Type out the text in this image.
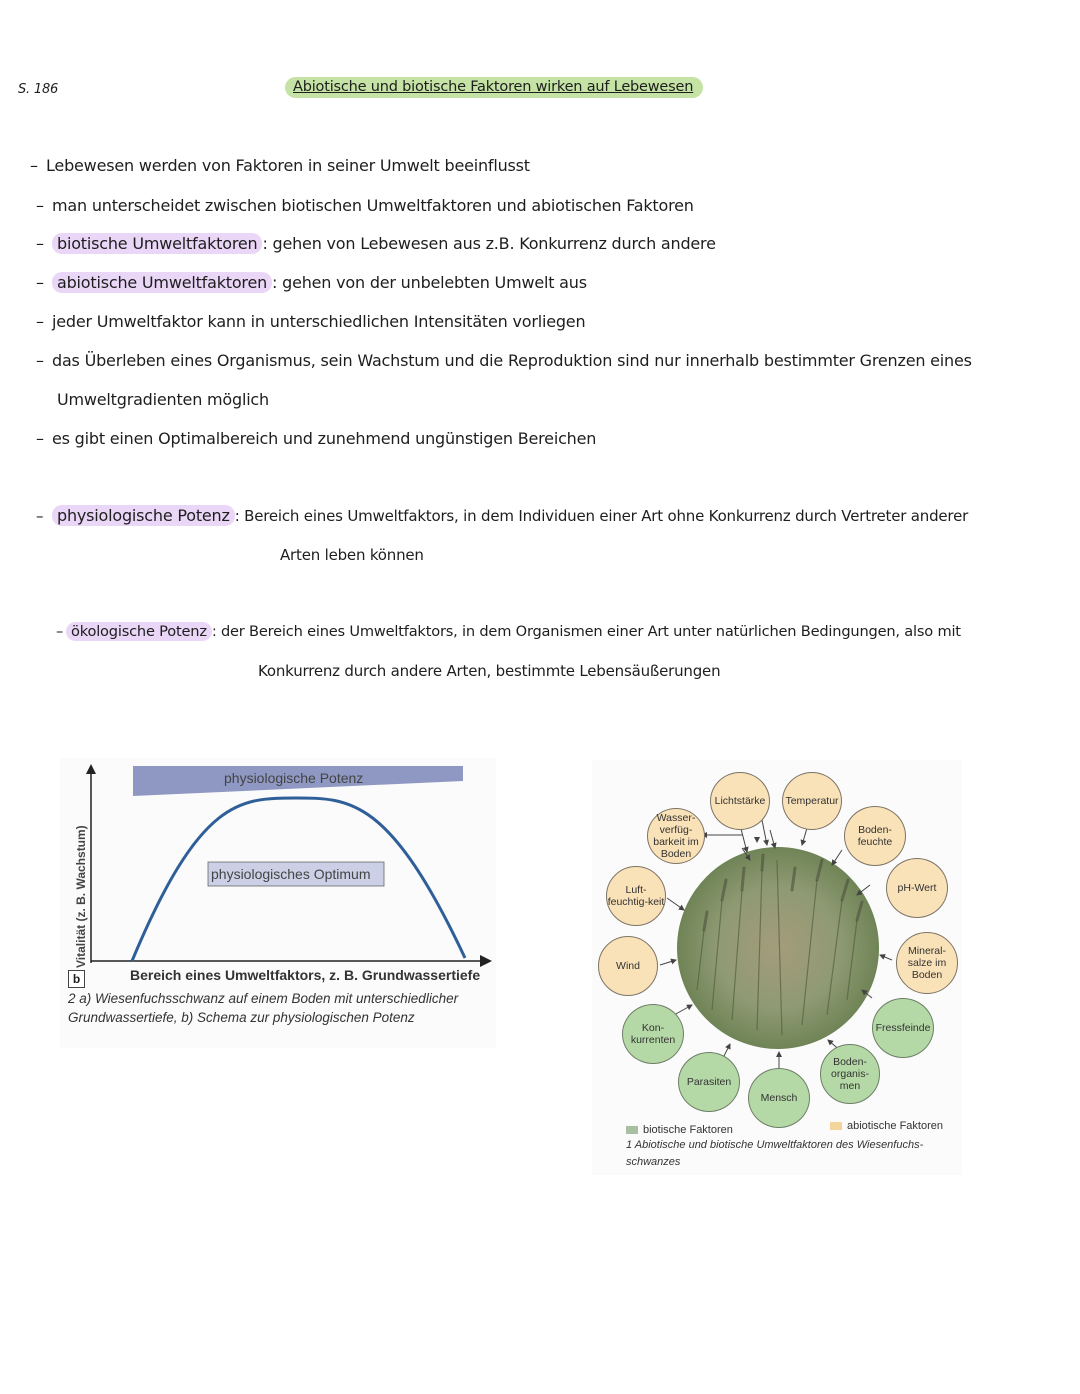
S. 186	Abiotische und biotische Faktoren wirken auf Lebewesen
– Lebewesen werden von Faktoren in seiner Umwelt beeinflusst
– man unterscheidet zwischen biotischen Umweltfaktoren und abiotischen Faktoren
– biotische Umweltfaktoren : gehen von Lebewesen aus z.B. Konkurrenz durch andere
– abiotische Umweltfaktoren : gehen von der unbelebten Umwelt aus
– jeder Umweltfaktor kann in unterschiedlichen Intensitäten vorliegen
– das Überleben eines Organismus, sein Wachstum und die Reproduktion sind nur innerhalb bestimmter Grenzen eines
Umweltgradienten möglich
– es gibt einen Optimalbereich und zunehmend ungünstigen Bereichen
– physiologische Potenz : Bereich eines Umweltfaktors, in dem Individuen einer Art ohne Konkurrenz durch Vertreter anderer
Arten leben können
– ökologische Potenz : der Bereich eines Umweltfaktors, in dem Organismen einer Art unter natürlichen Bedingungen, also mit
Konkurrenz durch andere Arten, bestimmte Lebensäußerungen
physiologische Potenz
physiologisches Optimum
Vitalität (z. B. Wachstum)
b	Bereich eines Umweltfaktors, z. B. Grundwassertiefe
2 a) Wiesenfuchsschwanz auf einem Boden mit unterschiedlicher
Grundwassertiefe, b) Schema zur physiologischen Potenz
Wasser-verfüg-barkeit im Boden
Lichtstärke Temperatur
Boden-feuchte
pH-Wert
Mineral-salze im Boden
Luft-feuchtig-keit
Wind
Fressfeinde
Boden-organis-men
Mensch
Parasiten
Kon-kurrenten
biotische Faktoren	abiotische Faktoren
1 Abiotische und biotische Umweltfaktoren des Wiesenfuchs-
schwanzes
